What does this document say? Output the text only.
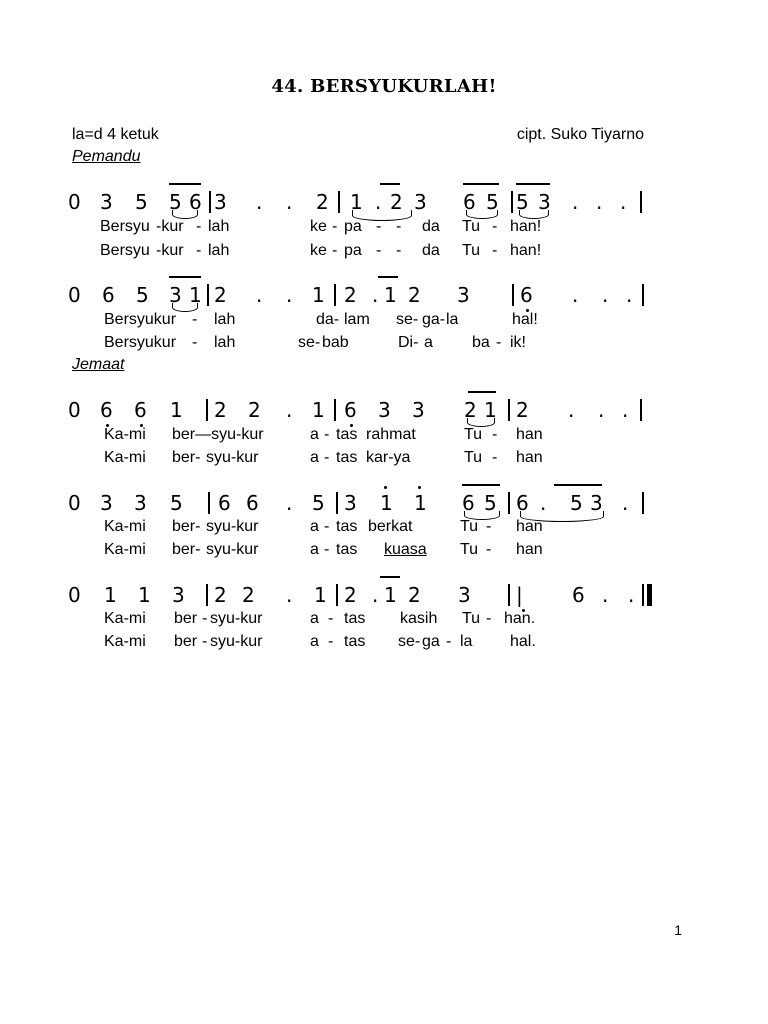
44. BERSYUKURLAH!
la=d 4 ketuk	cipt. Suko Tiyarno
Pemandu
Jemaat
0 3 5 5 6 3 . . 2 1 . 2 3 6 5 5 3 . . .
Bersyu -kur - lah	ke - pa - - da Tu - han!
Bersyu -kur - lah	ke - pa - - da Tu - han!
0 6 5 3 1 2 . . 1 2 . 1 2 3	6 . . .
Bersyukur - lah	da- lam se- ga- la	hal!
Bersyukur - lah	se- bab	Di- a ba - ik!
0 6 6 1 2 2 . 1 6 3 3 2 1 2 . . .
Ka-mi ber—syu-kur	a - tas rahmat	Tu - han
Ka-mi ber- syu-kur	a - tas kar-ya	Tu - han
0 3 3 5 6 6 . 5 3 1 1 6 5 6 . 5 3 .
Ka-mi ber- syu-kur	a - tas berkat	Tu - han
Ka-mi ber- syu-kur	a - tas kuasa Tu - han
0 1 1 3 2 2 . 1 2 . 1 2 3 | 6 . .
Ka-mi ber - syu-kur	a - tas kasih Tu - han.
Ka-mi ber - syu-kur	a - tas se- ga - la hal.
1
